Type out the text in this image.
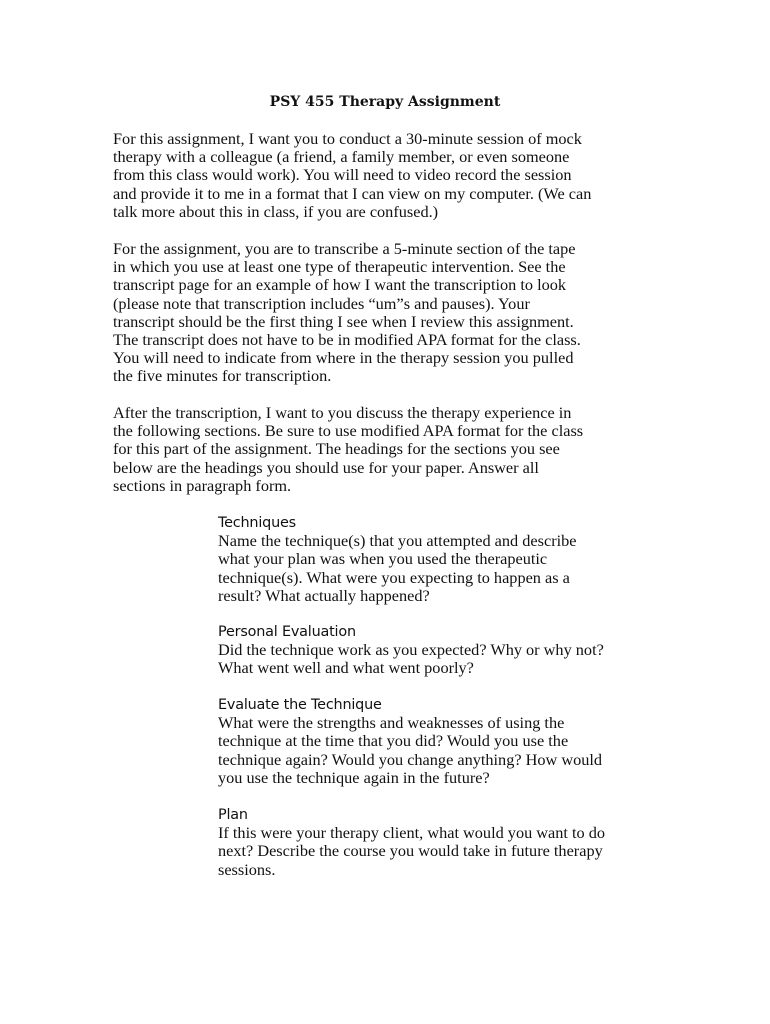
PSY 455 Therapy Assignment
For this assignment, I want you to conduct a 30-minute session of mock
therapy with a colleague (a friend, a family member, or even someone
from this class would work). You will need to video record the session
and provide it to me in a format that I can view on my computer. (We can
talk more about this in class, if you are confused.)
For the assignment, you are to transcribe a 5-minute section of the tape
in which you use at least one type of therapeutic intervention. See the
transcript page for an example of how I want the transcription to look
(please note that transcription includes “um”s and pauses). Your
transcript should be the first thing I see when I review this assignment.
The transcript does not have to be in modified APA format for the class.
You will need to indicate from where in the therapy session you pulled
the five minutes for transcription.
After the transcription, I want to you discuss the therapy experience in
the following sections. Be sure to use modified APA format for the class
for this part of the assignment. The headings for the sections you see
below are the headings you should use for your paper. Answer all
sections in paragraph form.
Techniques
Name the technique(s) that you attempted and describe
what your plan was when you used the therapeutic
technique(s). What were you expecting to happen as a
result? What actually happened?
Personal Evaluation
Did the technique work as you expected? Why or why not?
What went well and what went poorly?
Evaluate the Technique
What were the strengths and weaknesses of using the
technique at the time that you did? Would you use the
technique again? Would you change anything? How would
you use the technique again in the future?
Plan
If this were your therapy client, what would you want to do
next? Describe the course you would take in future therapy
sessions.
